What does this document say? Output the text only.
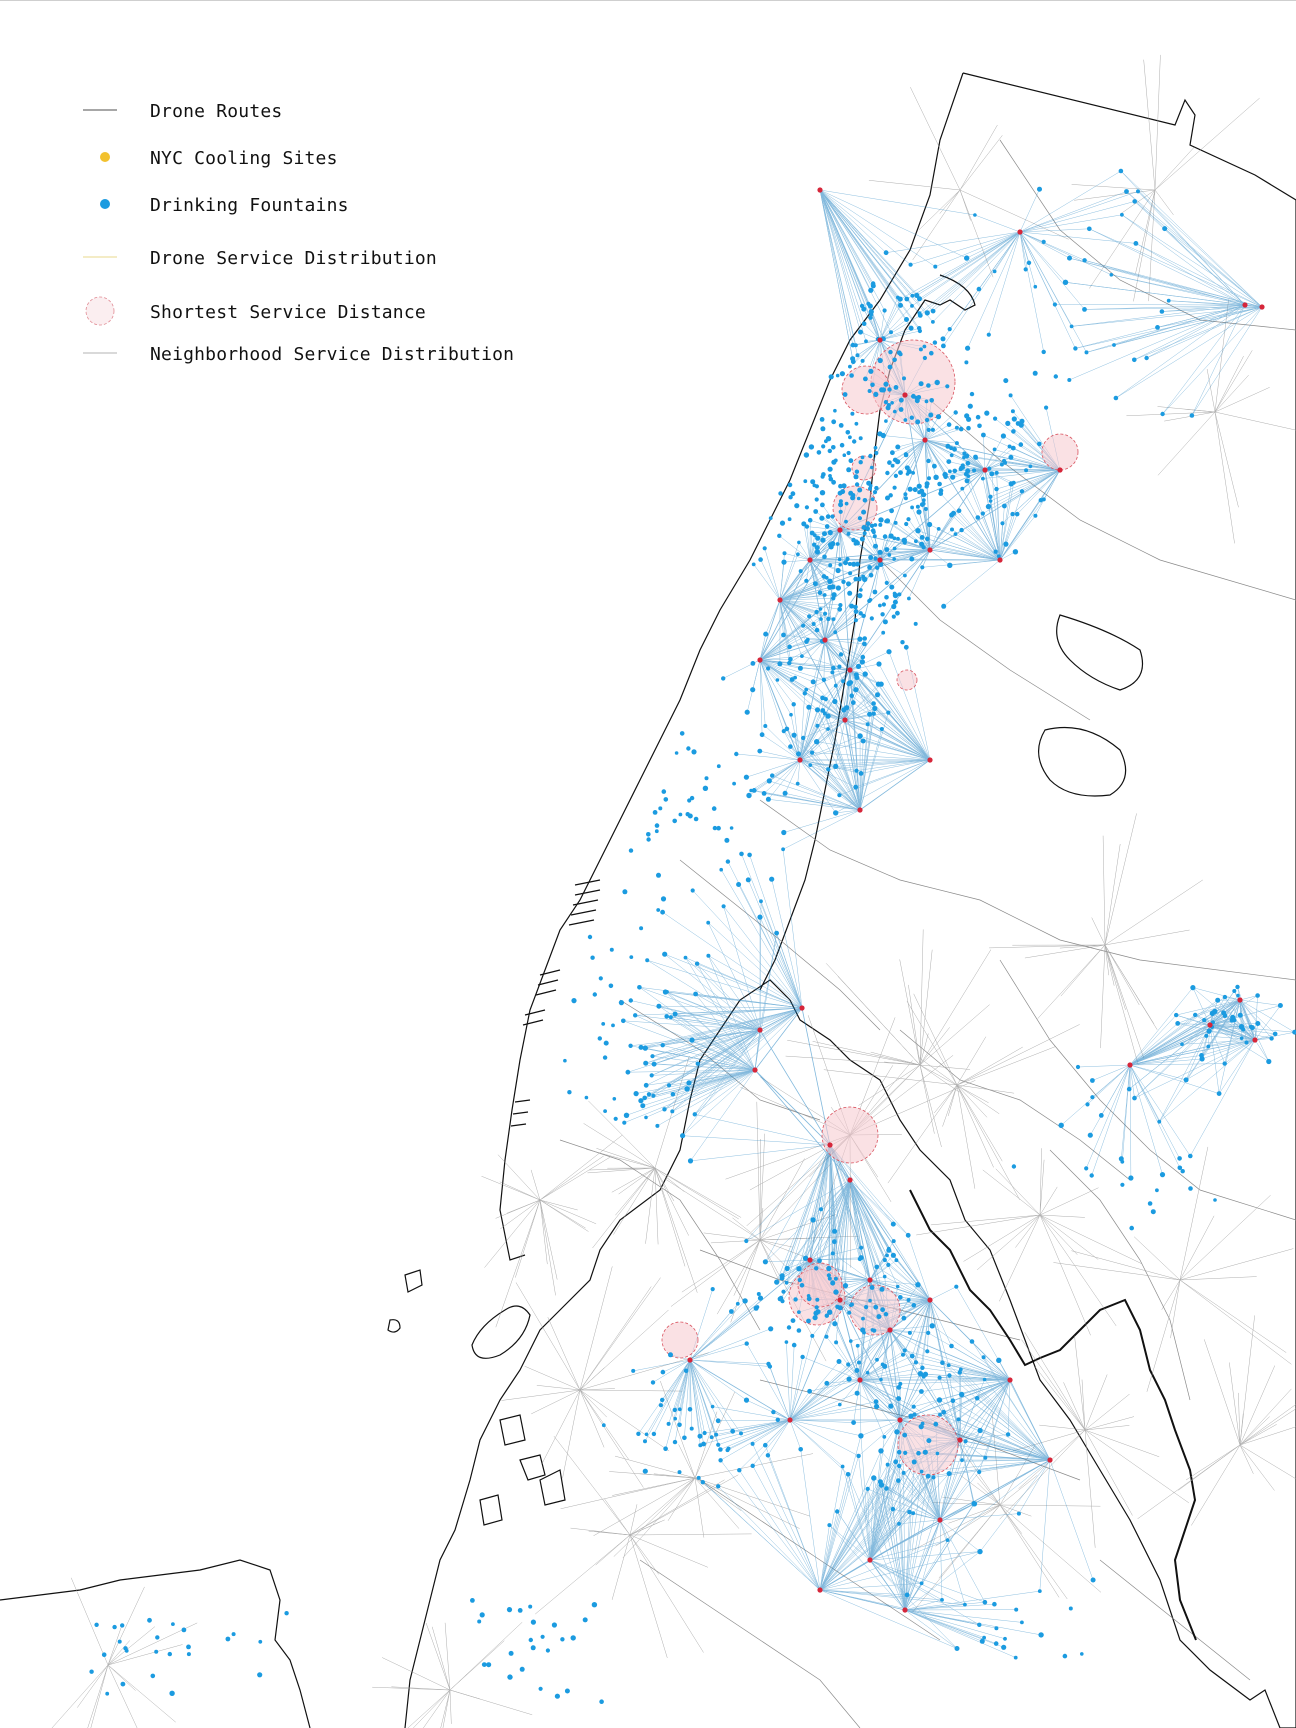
Drone Routes
NYC Cooling Sites
Drinking Fountains
Drone Service Distribution
Shortest Service Distance
Neighborhood Service Distribution
